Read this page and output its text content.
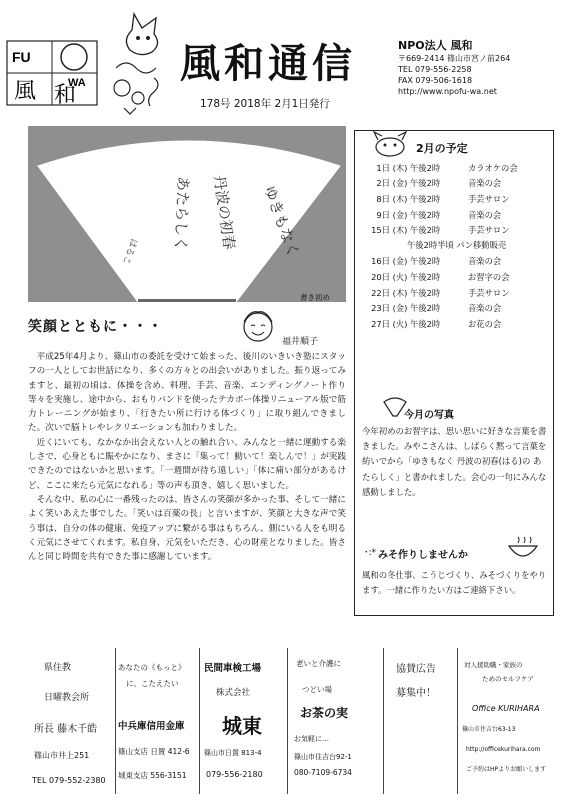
FU
WA
風 和
風和通信
178号 2018年 2月1日発行
NPO法人 風和
〒669-2414 篠山市宮ノ前264
TEL 079-556-2258
FAX 079-506-1618
http://www.npofu-wa.net
ゆきもなく
丹波の初春
あたらしく
はるこ
書き初め
笑顔とともに・・・
福井順子

平成25年4月より、篠山市の委託を受けて始まった、後川のいきいき塾にスタッフの一人としてお世話になり、多くの方々との出会いがありました。振り返ってみますと、最初の頃は、体操を含め、料理、手芸、音楽、エンディングノート作り等々を実施し、途中から、おもりバンドを使ったテカボー体操リニューアル版で筋力トレーニングが始まり、「行きたい所に行ける体づくり」に取り組んできました。次いで脳トレやレクリエーションも加わりました。

近くにいても、なかなか出会えない人との触れ合い、みんなと一緒に運動する楽しさで、心身ともに賑やかになり、まさに「集って！動いて！楽しんで！」が実践できたのではないかと思います。「一週間が待ち遠しい」「体に痛い部分があるけど、ここに来たら元気になれる」等の声も頂き、嬉しく思いました。

そんな中、私の心に一番残ったのは、皆さんの笑顔が多かった事、そして一緒によく笑いあえた事でした。「笑いは百薬の長」と言いますが、笑顔と大きな声で笑う事は、自分の体の健康、免疫アップに繋がる事はもちろん、側にいる人をも明るく元気にさせてくれます。私自身、元気をいただき、心の財産となりました。皆さんと同じ時間を共有できた事に感謝しています。

2月の予定
1日 (木) 午後2時	カラオケの会
2日 (金) 午後2時	音楽の会
8日 (木) 午後2時	手芸サロン
9日 (金) 午後2時	音楽の会
15日 (木) 午後2時	手芸サロン
午後2時半頃 パン移動販売
16日 (金) 午後2時	音楽の会
20日 (火) 午後2時	お習字の会
22日 (木) 午後2時	手芸サロン
23日 (金) 午後2時	音楽の会
27日 (火) 午後2時	お花の会
今月の写真
今年初めのお習字は、思い思いに好きな言葉を書きました。みやこさんは、しばらく黙って言葉を紡いでから「ゆきもなく 丹波の初春(はる)の あたらしく」と書かれました。会心の一句にみんな感動しました。
･:* みそ作りしませんか
風和の冬仕事、こうじづくり、みそづくりをやります。一緒に作りたい方はご連絡下さい。
県住教
日曜教会所
所長 藤木千皓
篠山市井上251
TEL 079-552-2380
あなたの《もっと》
に、こたえたい
中兵庫信用金庫
篠山支店 日置 412-6
城東支店 556-3151
民間車検工場
株式会社
城東
篠山市日置 813-4
079-556-2180
老いと介護に
つどい場
お茶の実
お気軽に…
篠山市住吉台92-1
080-7109-6734
協賛広告
募集中！
対人援助職・家族の
ためのセルフケア
Office KURIHARA
篠山市住吉台63-13
http://officekurihara.com
ご予約はHPよりお願いします
